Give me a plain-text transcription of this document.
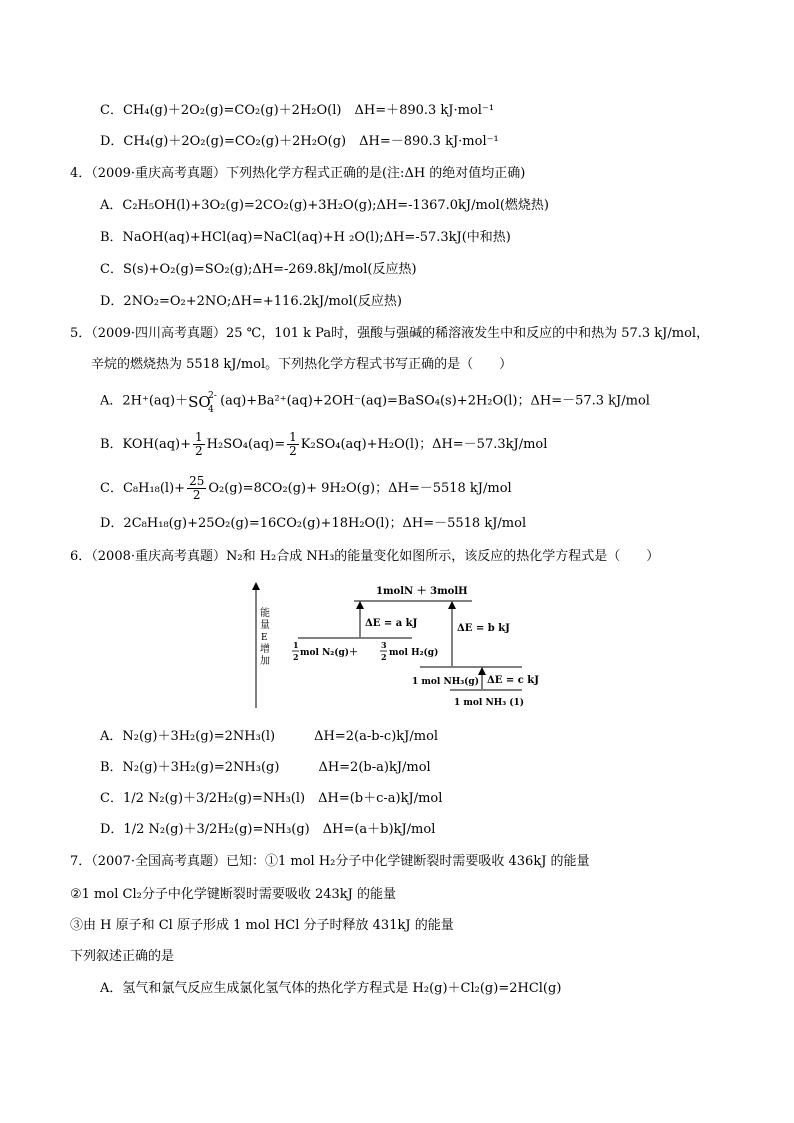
C．CH₄(g)＋2O₂(g)=CO₂(g)＋2H₂O(l)　ΔH=＋890.3 kJ·mol⁻¹
D．CH₄(g)＋2O₂(g)=CO₂(g)＋2H₂O(g)　ΔH=－890.3 kJ·mol⁻¹
4．（2009·重庆高考真题）下列热化学方程式正确的是(注:ΔH 的绝对值均正确)
A．C₂H₅OH(l)+3O₂(g)=2CO₂(g)+3H₂O(g);ΔH=-1367.0kJ/mol(燃烧热)
B．NaOH(aq)+HCl(aq)=NaCl(aq)+H ₂O(l);ΔH=-57.3kJ(中和热)
C．S(s)+O₂(g)=SO₂(g);ΔH=-269.8kJ/mol(反应热)
D．2NO₂=O₂+2NO;ΔH=+116.2kJ/mol(反应热)
5．（2009·四川高考真题）25 ℃，101 k Pa时，强酸与强碱的稀溶液发生中和反应的中和热为 57.3 kJ/mol，
辛烷的燃烧热为 5518 kJ/mol。下列热化学方程式书写正确的是（　　）
A．2H⁺(aq)＋ SO
2-
4
(aq)+Ba²⁺(aq)+2OH⁻(aq)=BaSO₄(s)+2H₂O(l)；ΔH=－57.3 kJ/mol
B．$KOH(aq)+ \frac{1}{2} H_2SO_4(aq)= \frac{1}{2} K_2SO_4(aq)+H_2O(l)$；ΔH=－57.3kJ/mol
C．$C_8H_{18}(l)+ \frac{25}{2} O_2(g)=8CO_2(g)+ 9H_2O(g)$；ΔH=－5518 kJ/mol
D．2C₈H₁₈(g)+25O₂(g)=16CO₂(g)+18H₂O(l)；ΔH=－5518 kJ/mol
6．（2008·重庆高考真题）N₂和 H₂合成 NH₃的能量变化如图所示，该反应的热化学方程式是（　　）
能
量
E
增
加
1molN ＋ 3molH
1
2 mol N₂(g)＋
3
2 mol H₂(g)
ΔE = a kJ	ΔE = b kJ
1 mol NH₃(g) ΔE = c kJ
1 mol NH₃ (1)
A．N₂(g)＋3H₂(g)=2NH₃(l)　　　ΔH=2(a-b-c)kJ/mol
B．N₂(g)＋3H₂(g)=2NH₃(g)　　　ΔH=2(b-a)kJ/mol
C．1/2 N₂(g)＋3/2H₂(g)=NH₃(l)　ΔH=(b＋c-a)kJ/mol
D．1/2 N₂(g)＋3/2H₂(g)=NH₃(g)　ΔH=(a＋b)kJ/mol
7．（2007·全国高考真题）已知：①1 mol H₂分子中化学键断裂时需要吸收 436kJ 的能量
②1 mol Cl₂分子中化学键断裂时需要吸收 243kJ 的能量
③由 H 原子和 Cl 原子形成 1 mol HCl 分子时释放 431kJ 的能量
下列叙述正确的是
A．氢气和氯气反应生成氯化氢气体的热化学方程式是 H₂(g)＋Cl₂(g)=2HCl(g)
